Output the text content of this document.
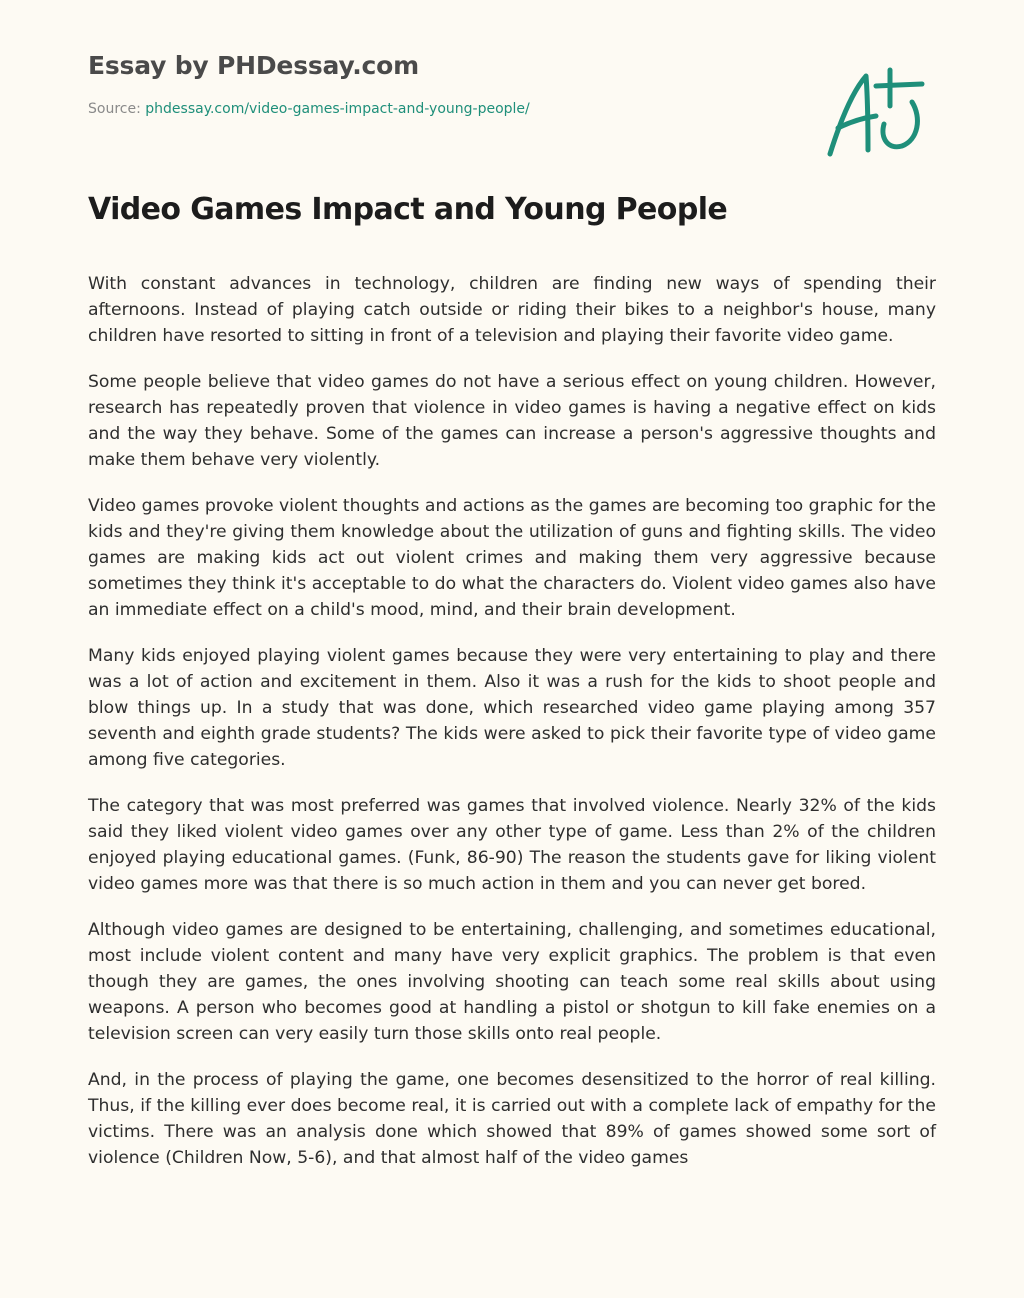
Essay by PHDessay.com
Source: phdessay.com/video-games-impact-and-young-people/
Video Games Impact and Young People

With constant advances in technology, children are finding new ways of spending their afternoons. Instead of playing catch outside or riding their bikes to a neighbor's house, many children have resorted to sitting in front of a television and playing their favorite video game.

Some people believe that video games do not have a serious effect on young children. However, research has repeatedly proven that violence in video games is having a negative effect on kids and the way they behave. Some of the games can increase a person's aggressive thoughts and make them behave very violently.

Video games provoke violent thoughts and actions as the games are becoming too graphic for the kids and they're giving them knowledge about the utilization of guns and fighting skills. The video games are making kids act out violent crimes and making them very aggressive because sometimes they think it's acceptable to do what the characters do. Violent video games also have an immediate effect on a child's mood, mind, and their brain development.

Many kids enjoyed playing violent games because they were very entertaining to play and there was a lot of action and excitement in them. Also it was a rush for the kids to shoot people and blow things up. In a study that was done, which researched video game playing among 357 seventh and eighth grade students? The kids were asked to pick their favorite type of video game among five categories.

The category that was most preferred was games that involved violence. Nearly 32% of the kids said they liked violent video games over any other type of game. Less than 2% of the children enjoyed playing educational games. (Funk, 86-90) The reason the students gave for liking violent video games more was that there is so much action in them and you can never get bored.

Although video games are designed to be entertaining, challenging, and sometimes educational, most include violent content and many have very explicit graphics. The problem is that even though they are games, the ones involving shooting can teach some real skills about using weapons. A person who becomes good at handling a pistol or shotgun to kill fake enemies on a television screen can very easily turn those skills onto real people.

And, in the process of playing the game, one becomes desensitized to the horror of real killing. Thus, if the killing ever does become real, it is carried out with a complete lack of empathy for the victims. There was an analysis done which showed that 89% of games showed some sort of violence (Children Now, 5-6), and that almost half of the video games
